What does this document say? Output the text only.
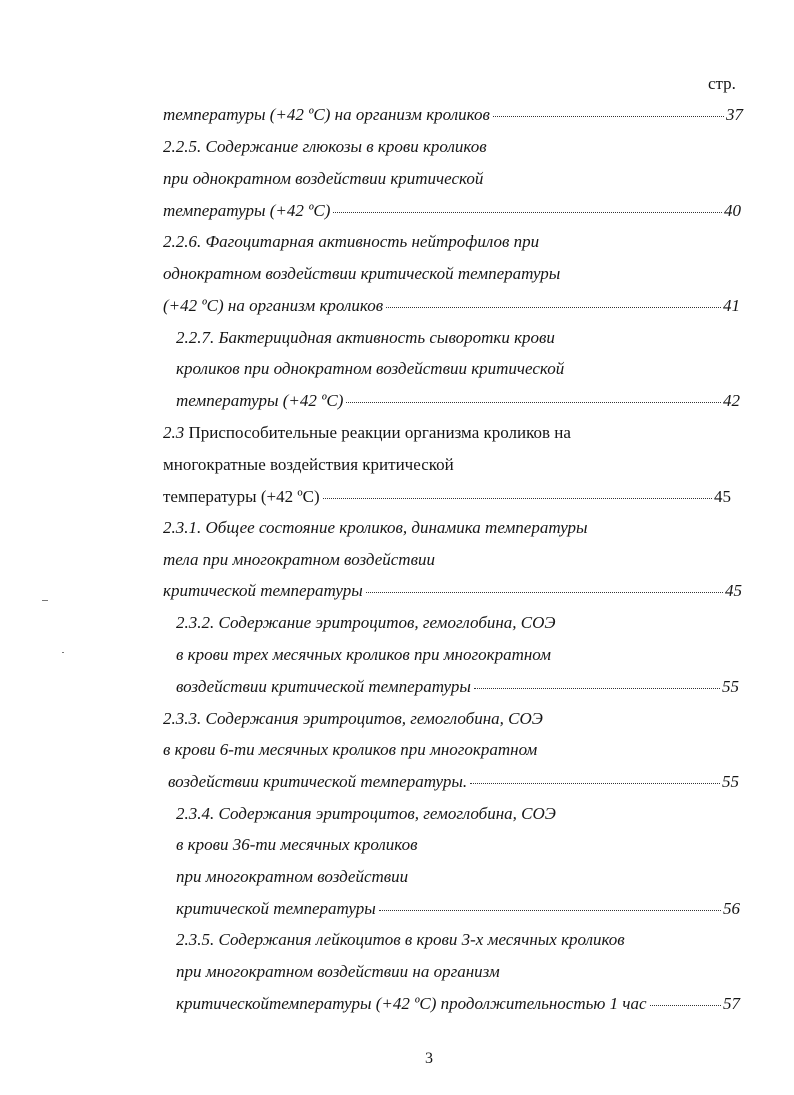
стр.
температуры (+42 ºС) на организм кроликов	37
2.2.5. Содержание глюкозы в крови кроликов
при однократном воздействии критической
температуры (+42 ºС)	40
2.2.6. Фагоцитарная активность нейтрофилов при
однократном воздействии критической температуры
(+42 ºС) на организм кроликов	41
2.2.7. Бактерицидная активность сыворотки крови
кроликов при однократном воздействии критической
температуры (+42 ºС)	42
2.3 Приспособительные реакции организма кроликов на
многократные воздействия критической
температуры (+42 ºС)	45
2.3.1. Общее состояние кроликов, динамика температуры
тела при многократном воздействии
критической температуры	45
2.3.2. Содержание эритроцитов, гемоглобина, СОЭ
в крови трех месячных кроликов при многократном
воздействии критической температуры	55
2.3.3. Содержания эритроцитов, гемоглобина, СОЭ
в крови 6-ти месячных кроликов при многократном
воздействии критической температуры.	55
2.3.4. Содержания эритроцитов, гемоглобина, СОЭ
в крови 36-ти месячных кроликов
при многократном воздействии
критической температуры	56
2.3.5. Содержания лейкоцитов в крови 3-х месячных кроликов
при многократном воздействии на организм
критическойтемпературы (+42 ºС) продолжительностью 1 час	57
3
